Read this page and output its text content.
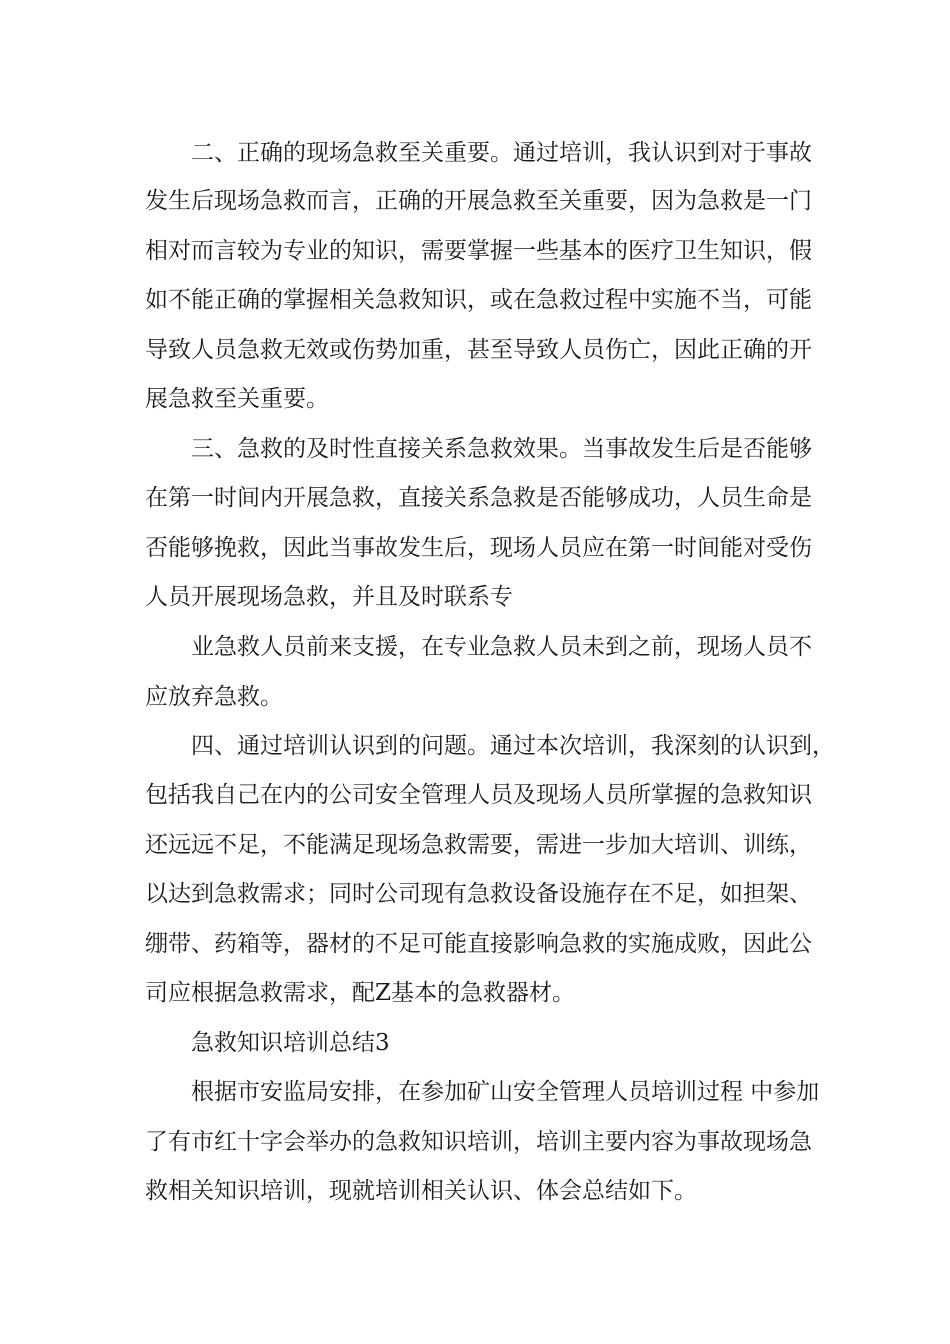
二、正确的现场急救至关重要。通过培训，我认识到对于事故
发生后现场急救而言，正确的开展急救至关重要，因为急救是一门
相对而言较为专业的知识，需要掌握一些基本的医疗卫生知识，假
如不能正确的掌握相关急救知识，或在急救过程中实施不当，可能
导致人员急救无效或伤势加重，甚至导致人员伤亡，因此正确的开
展急救至关重要。
三、急救的及时性直接关系急救效果。当事故发生后是否能够
在第一时间内开展急救，直接关系急救是否能够成功，人员生命是
否能够挽救，因此当事故发生后，现场人员应在第一时间能对受伤
人员开展现场急救，并且及时联系专
业急救人员前来支援，在专业急救人员未到之前，现场人员不
应放弃急救。
四、通过培训认识到的问题。通过本次培训，我深刻的认识到，
包括我自己在内的公司安全管理人员及现场人员所掌握的急救知识
还远远不足，不能满足现场急救需要，需进一步加大培训、训练，
以达到急救需求；同时公司现有急救设备设施存在不足，如担架、
绷带、药箱等，器材的不足可能直接影响急救的实施成败，因此公
司应根据急救需求，配Z基本的急救器材。
急救知识培训总结3
根据市安监局安排，在参加矿山安全管理人员培训过程 中参加
了有市红十字会举办的急救知识培训，培训主要内容为事故现场急
救相关知识培训，现就培训相关认识、体会总结如下。
